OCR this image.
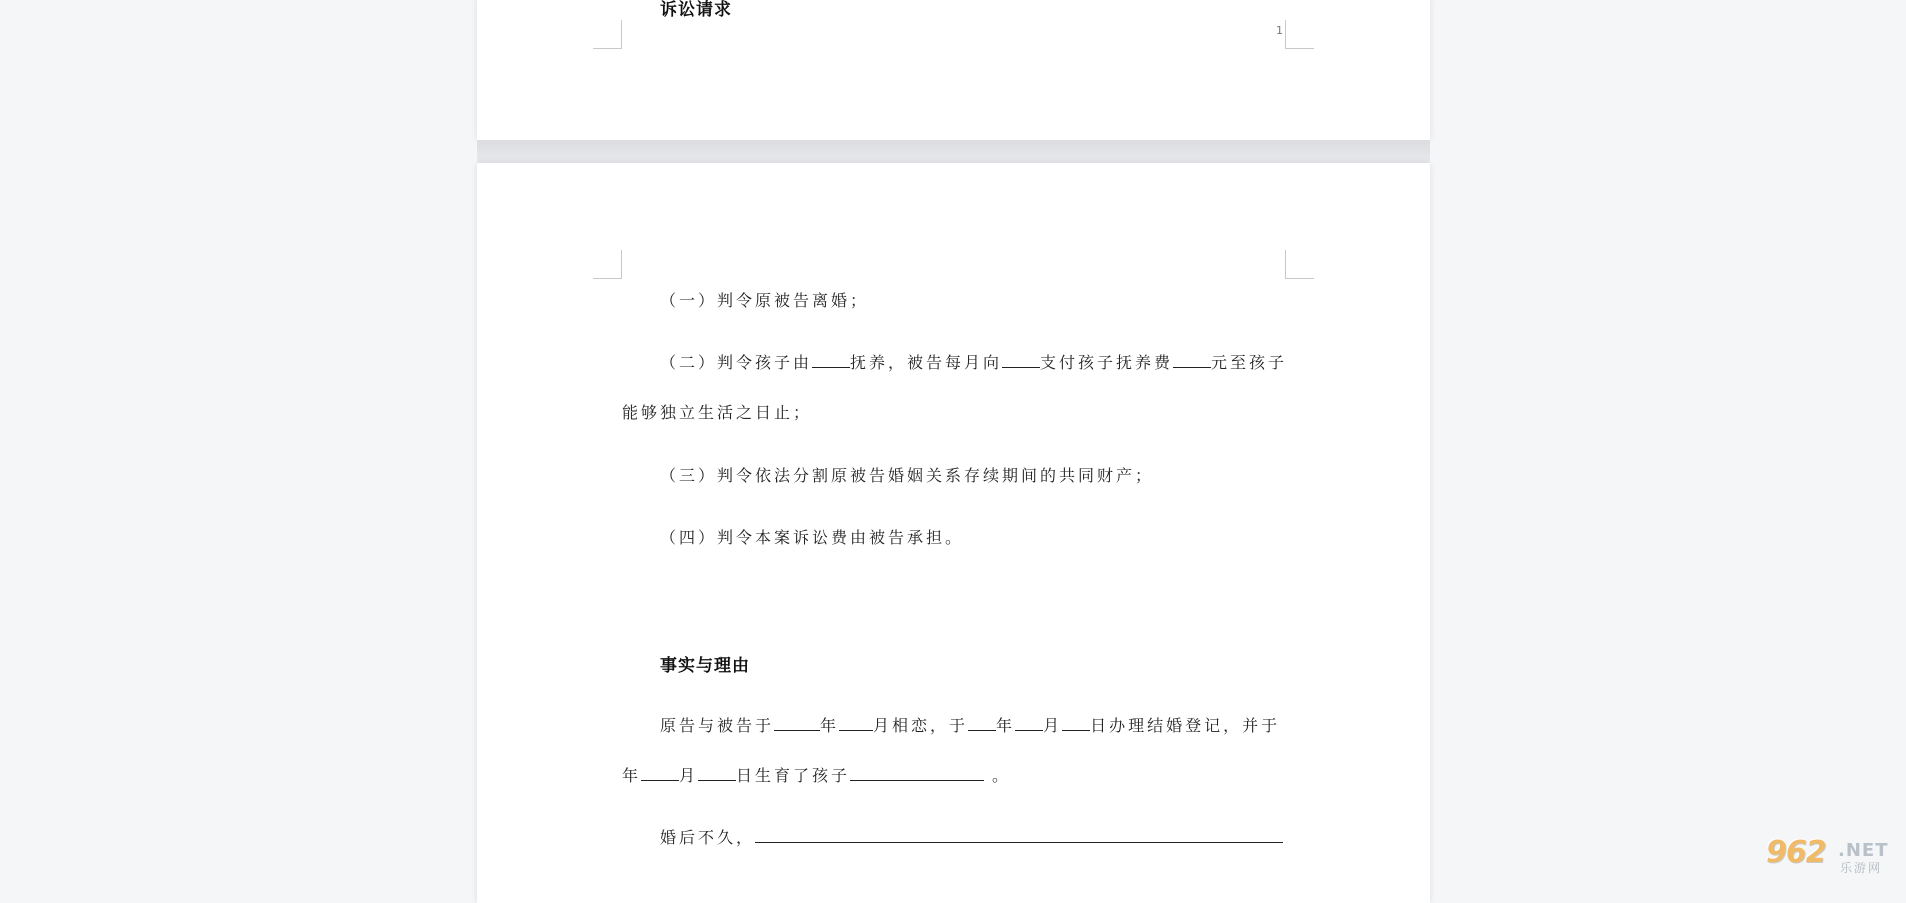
诉讼请求
1
（一）判令原被告离婚；
（二）判令孩子由 抚养，被告每月向 支付孩子抚养费 元至孩子
能够独立生活之日止；
（三）判令依法分割原被告婚姻关系存续期间的共同财产；
（四）判令本案诉讼费由被告承担。
事实与理由
原告与被告于	年 月相恋，于 年 月 日办理结婚登记，并于
年 月 日生育了孩子	。
婚后不久，	962 .NET
乐游网
